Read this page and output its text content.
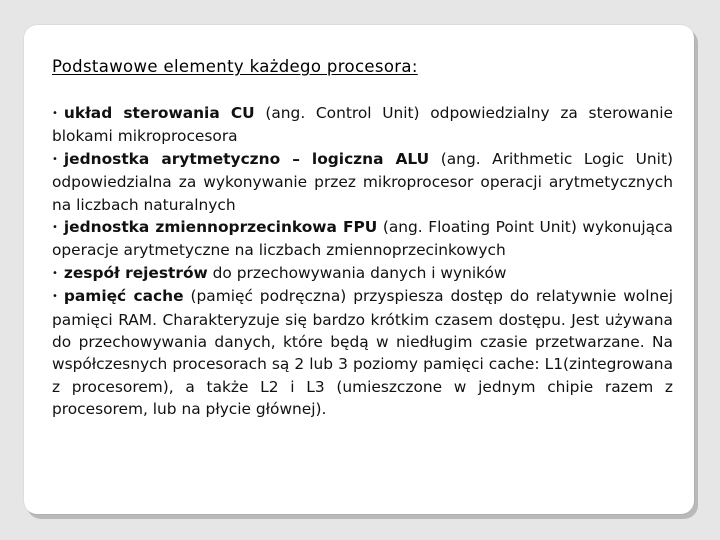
Podstawowe elementy każdego procesora:

• układ sterowania CU (ang. Control Unit) odpowiedzialny za sterowanie blokami mikroprocesora

• jednostka arytmetyczno – logiczna ALU (ang. Arithmetic Logic Unit) odpowiedzialna za wykonywanie przez mikroprocesor operacji arytmetycznych na liczbach naturalnych

• jednostka zmiennoprzecinkowa FPU (ang. Floating Point Unit) wykonująca operacje arytmetyczne na liczbach zmiennoprzecinkowych

• zespół rejestrów do przechowywania danych i wyników

• pamięć cache (pamięć podręczna) przyspiesza dostęp do relatywnie wolnej pamięci RAM. Charakteryzuje się bardzo krótkim czasem dostępu. Jest używana do przechowywania danych, które będą w niedługim czasie przetwarzane. Na współczesnych procesorach są 2 lub 3 poziomy pamięci cache: L1(zintegrowana z procesorem), a także L2 i L3 (umieszczone w jednym chipie razem z procesorem, lub na płycie głównej).
